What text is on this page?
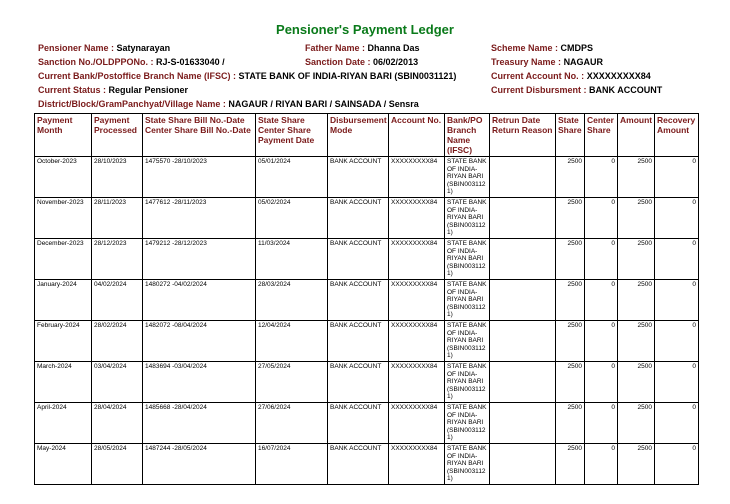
Pensioner's Payment Ledger
Pensioner Name : Satynarayan	Father Name : Dhanna Das	Scheme Name : CMDPS
Sanction No./OLDPPONo. : RJ-S-01633040 /	Sanction Date : 06/02/2013	Treasury Name : NAGAUR
Current Bank/Postoffice Branch Name (IFSC) : STATE BANK OF INDIA-RIYAN BARI (SBIN0031121)	Current Account No. : XXXXXXXXX84
Current Status : Regular Pensioner	Current Disbursment : BANK ACCOUNT
District/Block/GramPanchyat/Village Name : NAGAUR / RIYAN BARI / SAINSADA / Sensra
Payment Month	Payment Processed	State Share Bill No.-Date Center Share Bill No.-Date	State Share Center Share Payment Date	Disbursement Mode	Account No.	Bank/PO Branch Name (IFSC)	Retrun Date Return Reason	State Share	Center Share	Amount	Recovery Amount
October-2023	28/10/2023	1475570 -28/10/2023	05/01/2024	BANK ACCOUNT	XXXXXXXXX84	STATE BANK OF INDIA-RIYAN BARI (SBIN003112 1)		2500	0	2500	0
November-2023	28/11/2023	1477612 -28/11/2023	05/02/2024	BANK ACCOUNT	XXXXXXXXX84	STATE BANK OF INDIA-RIYAN BARI (SBIN003112 1)		2500	0	2500	0
December-2023	28/12/2023	1479212 -28/12/2023	11/03/2024	BANK ACCOUNT	XXXXXXXXX84	STATE BANK OF INDIA-RIYAN BARI (SBIN003112 1)		2500	0	2500	0
January-2024	04/02/2024	1480272 -04/02/2024	28/03/2024	BANK ACCOUNT	XXXXXXXXX84	STATE BANK OF INDIA-RIYAN BARI (SBIN003112 1)		2500	0	2500	0
February-2024	28/02/2024	1482072 -08/04/2024	12/04/2024	BANK ACCOUNT	XXXXXXXXX84	STATE BANK OF INDIA-RIYAN BARI (SBIN003112 1)		2500	0	2500	0
March-2024	03/04/2024	1483694 -03/04/2024	27/05/2024	BANK ACCOUNT	XXXXXXXXX84	STATE BANK OF INDIA-RIYAN BARI (SBIN003112 1)		2500	0	2500	0
April-2024	28/04/2024	1485668 -28/04/2024	27/06/2024	BANK ACCOUNT	XXXXXXXXX84	STATE BANK OF INDIA-RIYAN BARI (SBIN003112 1)		2500	0	2500	0
May-2024	28/05/2024	1487244 -28/05/2024	16/07/2024	BANK ACCOUNT	XXXXXXXXX84	STATE BANK OF INDIA-RIYAN BARI (SBIN003112 1)		2500	0	2500	0
